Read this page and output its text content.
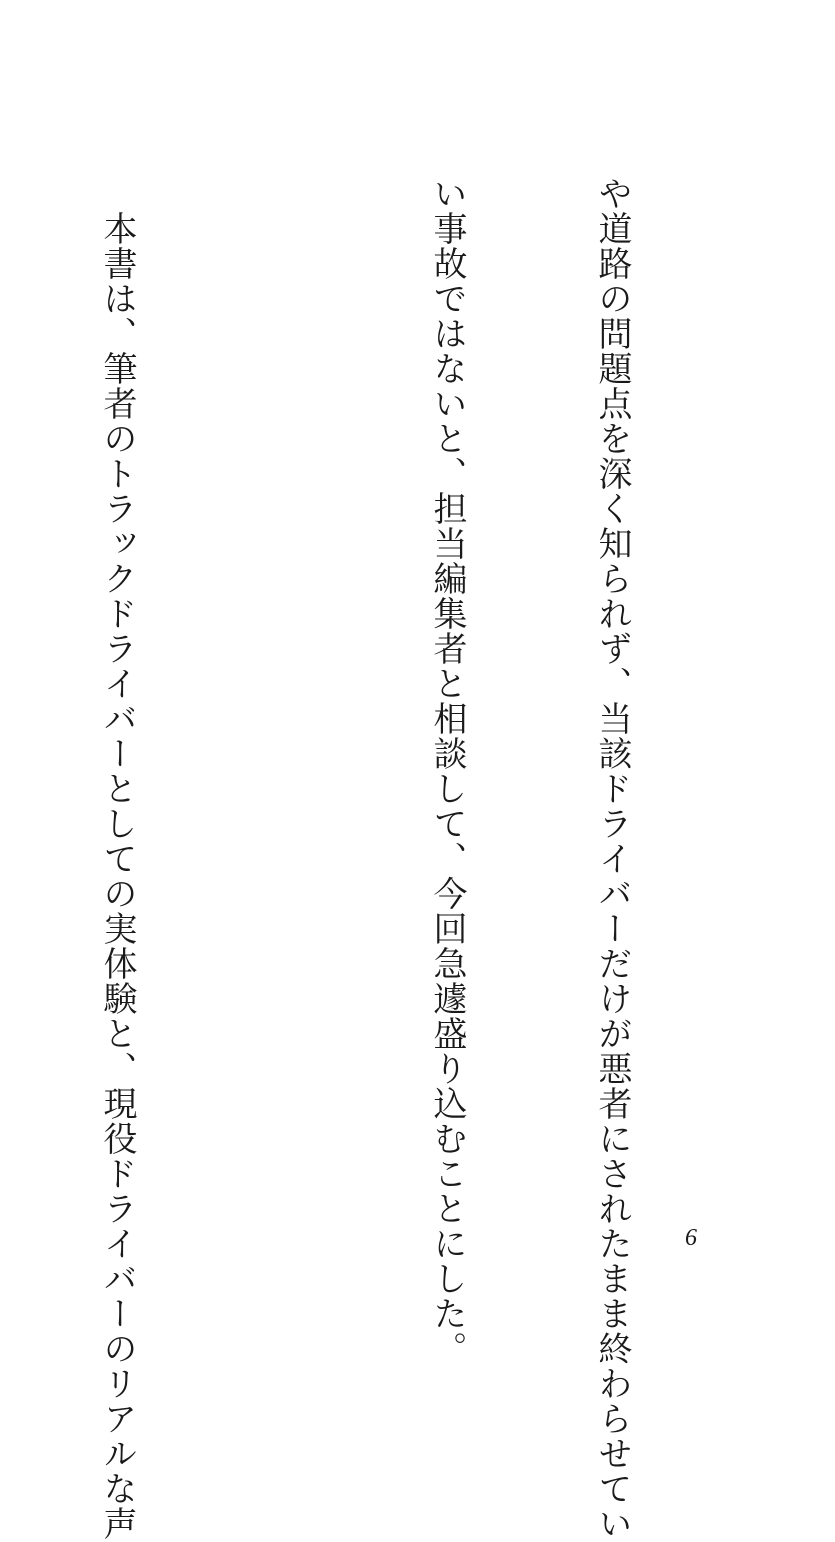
や道路の問題点を深く知られず、当該ドライバーだけが悪者にされたまま終わらせてい

い事故ではないと、担当編集者と相談して、今回急遽盛り込むことにした。

　本書は、筆者のトラックドライバーとしての実体験と、現役ドライバーのリアルな声

	6
